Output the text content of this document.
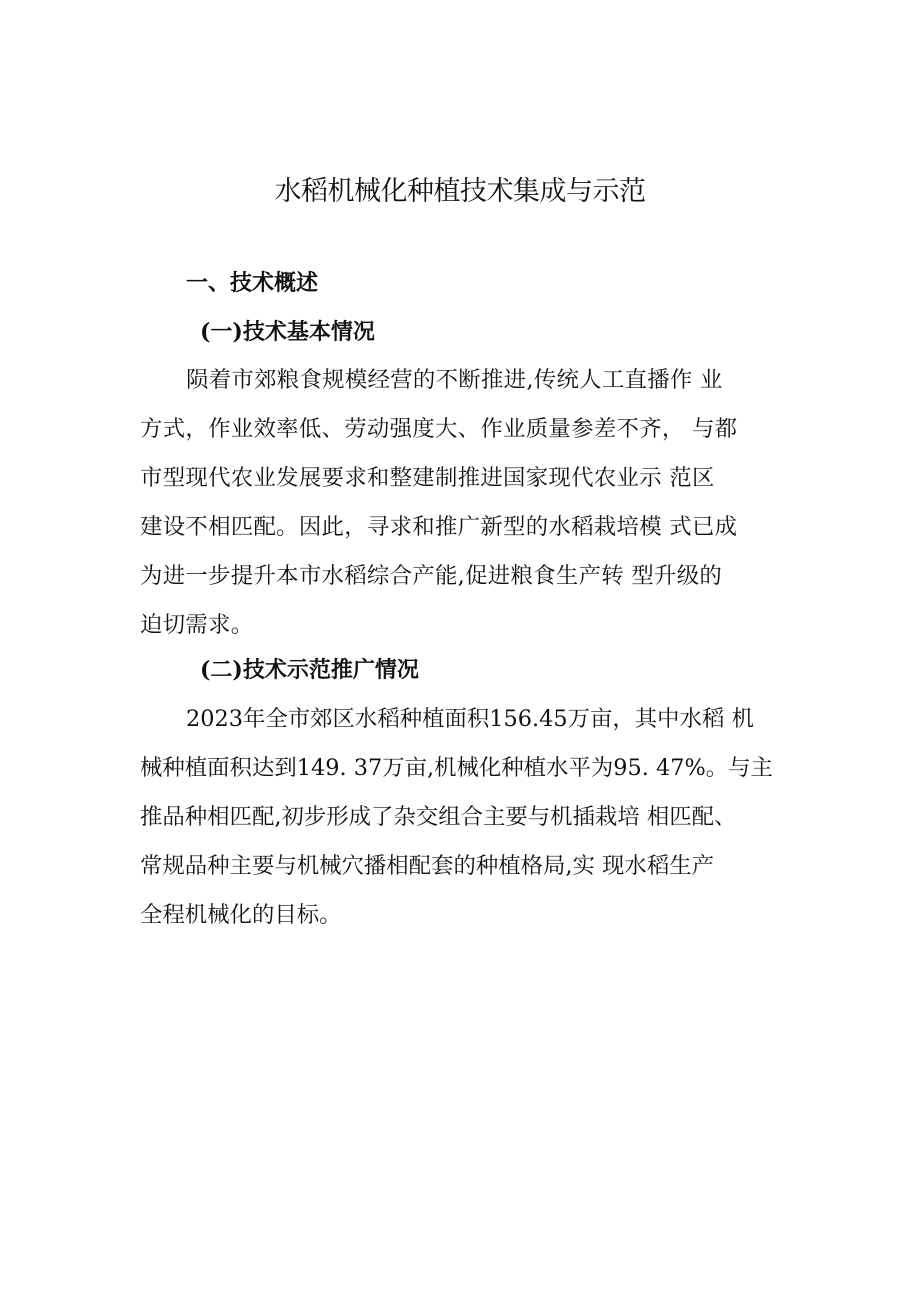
水稻机械化种植技术集成与示范
一、技术概述
(一)技术基本情况
陨着市郊粮食规模经营的不断推进,传统人工直播作 业
方式，作业效率低、劳动强度大、作业质量参差不齐， 与都
市型现代农业发展要求和整建制推进国家现代农业示 范区
建设不相匹配。因此，寻求和推广新型的水稻栽培模 式已成
为进一步提升本市水稻综合产能,促进粮食生产转 型升级的
迫切需求。
(二)技术示范推广情况
2023年全市郊区水稻种植面积156.45万亩，其中水稻 机
械种植面积达到149. 37万亩,机械化种植水平为95. 47%。与主
推品种相匹配,初步形成了杂交组合主要与机插栽培 相匹配、
常规品种主要与机械穴播相配套的种植格局,实 现水稻生产
全程机械化的目标。
